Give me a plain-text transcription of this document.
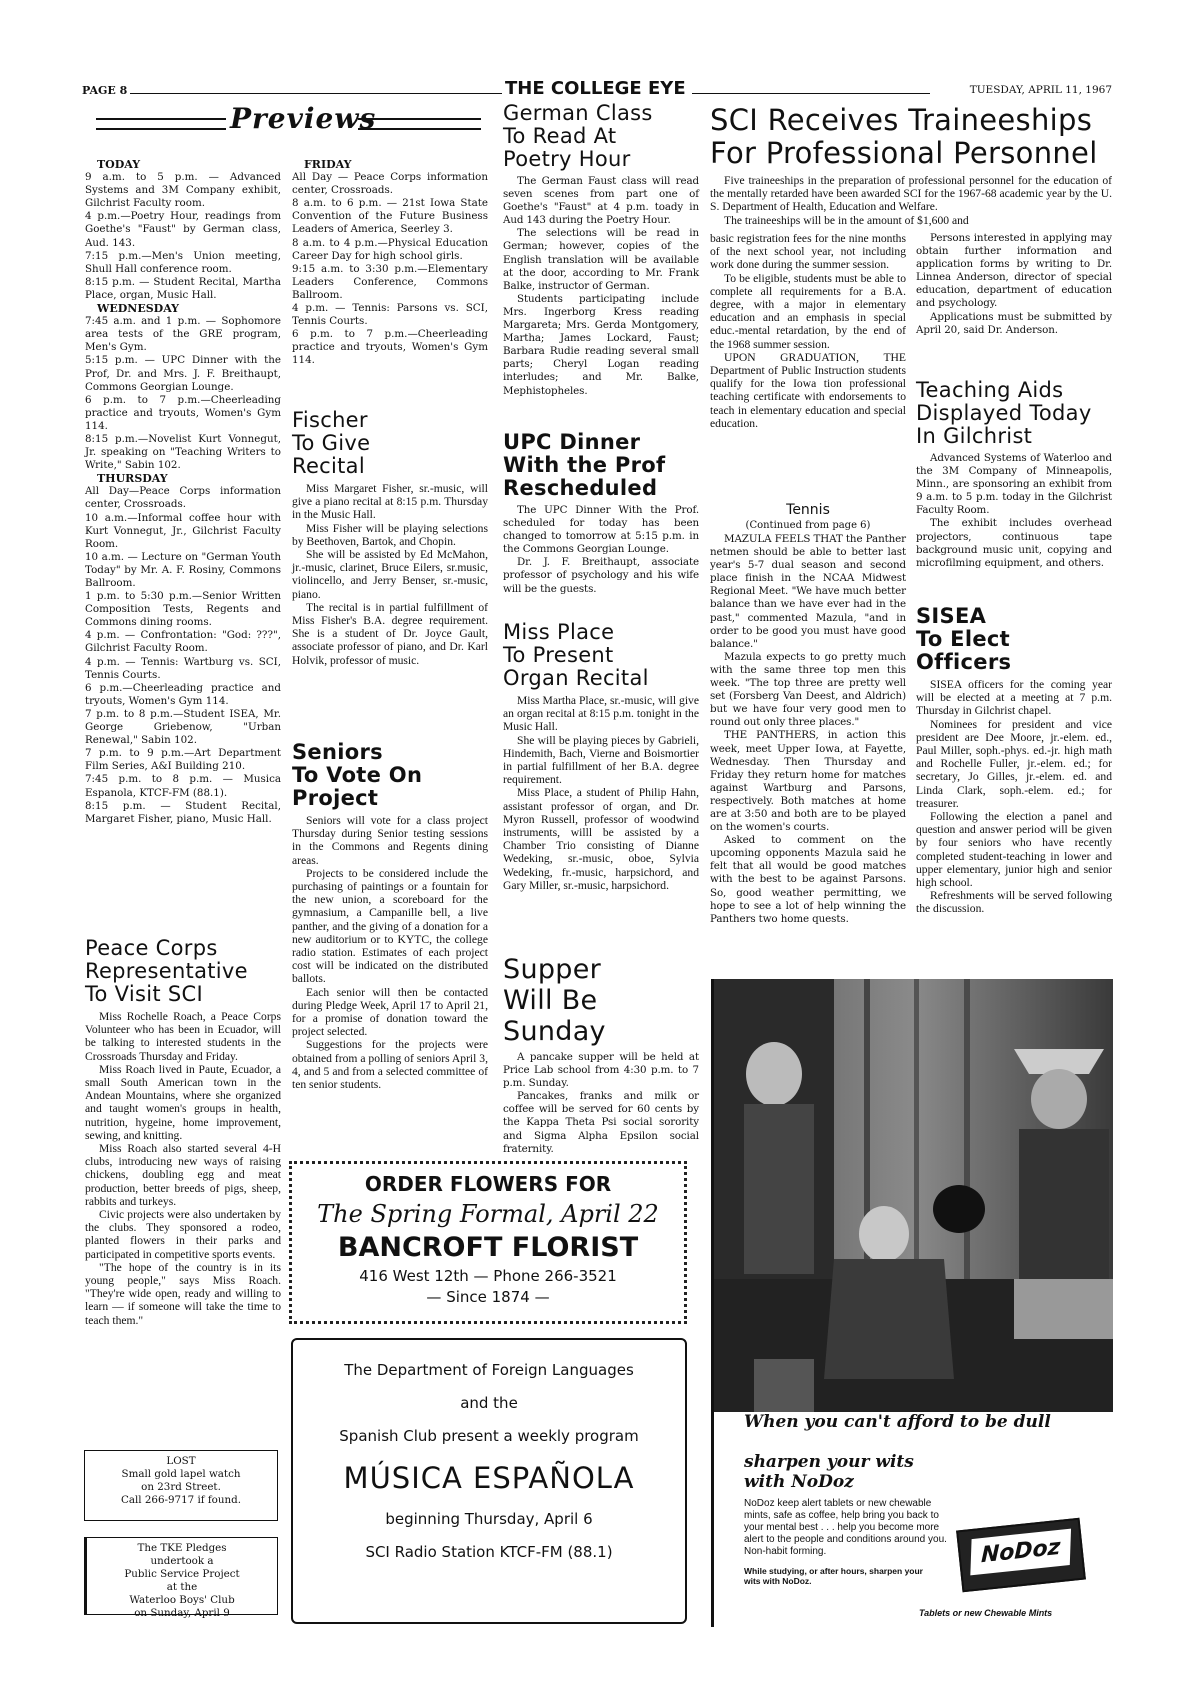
PAGE 8	THE COLLEGE EYE	TUESDAY, APRIL 11, 1967
Previews
TODAY

9 a.m. to 5 p.m. — Advanced Systems and 3M Company exhibit, Gilchrist Faculty room.

4 p.m.—Poetry Hour, readings from Goethe's "Faust" by German class, Aud. 143.

7:15 p.m.—Men's Union meeting, Shull Hall conference room.

8:15 p.m. — Student Recital, Martha Place, organ, Music Hall.

WEDNESDAY

7:45 a.m. and 1 p.m. — Sophomore area tests of the GRE program, Men's Gym.

5:15 p.m. — UPC Dinner with the Prof, Dr. and Mrs. J. F. Breithaupt, Commons Georgian Lounge.

6 p.m. to 7 p.m.—Cheerleading practice and tryouts, Women's Gym 114.

8:15 p.m.—Novelist Kurt Vonnegut, Jr. speaking on "Teaching Writers to Write," Sabin 102.

THURSDAY

All Day—Peace Corps information center, Crossroads.

10 a.m.—Informal coffee hour with Kurt Vonnegut, Jr., Gilchrist Faculty Room.

10 a.m. — Lecture on "German Youth Today" by Mr. A. F. Rosiny, Commons Ballroom.

1 p.m. to 5:30 p.m.—Senior Written Composition Tests, Regents and Commons dining rooms.

4 p.m. — Confrontation: "God: ???", Gilchrist Faculty Room.

4 p.m. — Tennis: Wartburg vs. SCI, Tennis Courts.

6 p.m.—Cheerleading practice and tryouts, Women's Gym 114.

7 p.m. to 8 p.m.—Student ISEA, Mr. George Griebenow, "Urban Renewal," Sabin 102.

7 p.m. to 9 p.m.—Art Department Film Series, A&I Building 210.

7:45 p.m. to 8 p.m. — Musica Espanola, KTCF-FM (88.1).

8:15 p.m. — Student Recital, Margaret Fisher, piano, Music Hall.

FRIDAY

All Day — Peace Corps information center, Crossroads.

8 a.m. to 6 p.m. — 21st Iowa State Convention of the Future Business Leaders of America, Seerley 3.

8 a.m. to 4 p.m.—Physical Education Career Day for high school girls.

9:15 a.m. to 3:30 p.m.—Elementary Leaders Conference, Commons Ballroom.

4 p.m. — Tennis: Parsons vs. SCI, Tennis Courts.

6 p.m. to 7 p.m.—Cheerleading practice and tryouts, Women's Gym 114.

Peace Corps
Representative
To Visit SCI

Miss Rochelle Roach, a Peace Corps Volunteer who has been in Ecuador, will be talking to interested students in the Crossroads Thursday and Friday.

Miss Roach lived in Paute, Ecuador, a small South American town in the Andean Mountains, where she organized and taught women's groups in health, nutrition, hygeine, home improvement, sewing, and knitting.

Miss Roach also started several 4-H clubs, introducing new ways of raising chickens, doubling egg and meat production, better breeds of pigs, sheep, rabbits and turkeys.

Civic projects were also undertaken by the clubs. They sponsored a rodeo, planted flowers in their parks and participated in competitive sports events.

"The hope of the country is in its young people," says Miss Roach. "They're wide open, ready and willing to learn — if someone will take the time to teach them."

LOST
Small gold lapel watch
on 23rd Street.
Call 266-9717 if found.
The TKE Pledges
undertook a
Public Service Project
at the
Waterloo Boys' Club
on Sunday, April 9
Fischer
To Give
Recital

Miss Margaret Fisher, sr.-music, will give a piano recital at 8:15 p.m. Thursday in the Music Hall.

Miss Fisher will be playing selections by Beethoven, Bartok, and Chopin.

She will be assisted by Ed McMahon, jr.-music, clarinet, Bruce Eilers, sr.music, violincello, and Jerry Benser, sr.-music, piano.

The recital is in partial fulfillment of Miss Fisher's B.A. degree requirement. She is a student of Dr. Joyce Gault, associate professor of piano, and Dr. Karl Holvik, professor of music.

Seniors
To Vote On
Project

Seniors will vote for a class project Thursday during Senior testing sessions in the Commons and Regents dining areas.

Projects to be considered include the purchasing of paintings or a fountain for the new union, a scoreboard for the gymnasium, a Campanille bell, a live panther, and the giving of a donation for a new auditorium or to KYTC, the college radio station. Estimates of each project cost will be indicated on the distributed ballots.

Each senior will then be contacted during Pledge Week, April 17 to April 21, for a promise of donation toward the project selected.

Suggestions for the projects were obtained from a polling of seniors April 3, 4, and 5 and from a selected committee of ten senior students.

German Class
To Read At
Poetry Hour

The German Faust class will read seven scenes from part one of Goethe's "Faust" at 4 p.m. toady in Aud 143 during the Poetry Hour.

The selections will be read in German; however, copies of the English translation will be available at the door, according to Mr. Frank Balke, instructor of German.

Students participating include Mrs. Ingerborg Kress reading Margareta; Mrs. Gerda Montgomery, Martha; James Lockard, Faust; Barbara Rudie reading several small parts; Cheryl Logan reading interludes; and Mr. Balke, Mephistopheles.

UPC Dinner
With the Prof
Rescheduled

The UPC Dinner With the Prof. scheduled for today has been changed to tomorrow at 5:15 p.m. in the Commons Georgian Lounge.

Dr. J. F. Breithaupt, associate professor of psychology and his wife will be the guests.

Miss Place
To Present
Organ Recital

Miss Martha Place, sr.-music, will give an organ recital at 8:15 p.m. tonight in the Music Hall.

She will be playing pieces by Gabrieli, Hindemith, Bach, Vierne and Boismortier in partial fulfillment of her B.A. degree requirement.

Miss Place, a student of Philip Hahn, assistant professor of organ, and Dr. Myron Russell, professor of woodwind instruments, willl be assisted by a Chamber Trio consisting of Dianne Wedeking, sr.-music, oboe, Sylvia Wedeking, fr.-music, harpsichord, and Gary Miller, sr.-music, harpsichord.

Supper
Will Be
Sunday

A pancake supper will be held at Price Lab school from 4:30 p.m. to 7 p.m. Sunday.

Pancakes, franks and milk or coffee will be served for 60 cents by the Kappa Theta Psi social sorority and Sigma Alpha Epsilon social fraternity.

SCI Receives Traineeships
For Professional Personnel

Five traineeships in the preparation of professional personnel for the education of the mentally retarded have been awarded SCI for the 1967-68 academic year by the U. S. Department of Health, Education and Welfare.

The traineeships will be in the amount of $1,600 and

basic registration fees for the nine months of the next school year, not including work done during the summer session.

To be eligible, students must be able to complete all requirements for a B.A. degree, with a major in elementary education and an emphasis in special educ.-mental retardation, by the end of the 1968 summer session.

UPON GRADUATION, THE Department of Public Instruction students qualify for the Iowa tion professional teaching certificate with endorsements to teach in elementary education and special education.

Persons interested in applying may obtain further information and application forms by writing to Dr. Linnea Anderson, director of special education, department of education and psychology.

Applications must be submitted by April 20, said Dr. Anderson.

Teaching Aids
Displayed Today
In Gilchrist

Advanced Systems of Waterloo and the 3M Company of Minneapolis, Minn., are sponsoring an exhibit from 9 a.m. to 5 p.m. today in the Gilchrist Faculty Room.

The exhibit includes overhead projectors, continuous tape background music unit, copying and microfilming equipment, and others.

Tennis
(Continued from page 6)

MAZULA FEELS THAT the Panther netmen should be able to better last year's 5-7 dual season and second place finish in the NCAA Midwest Regional Meet. "We have much better balance than we have ever had in the past," commented Mazula, "and in order to be good you must have good balance."

Mazula expects to go pretty much with the same three top men this week. "The top three are pretty well set (Forsberg Van Deest, and Aldrich) but we have four very good men to round out only three places."

THE PANTHERS, in action this week, meet Upper Iowa, at Fayette, Wednesday. Then Thursday and Friday they return home for matches against Wartburg and Parsons, respectively. Both matches at home are at 3:50 and both are to be played on the women's courts.

Asked to comment on the upcoming opponents Mazula said he felt that all would be good matches with the best to be against Parsons. So, good weather permitting, we hope to see a lot of help winning the Panthers two home quests.

SISEA
To Elect
Officers

SISEA officers for the coming year will be elected at a meeting at 7 p.m. Thursday in Gilchrist chapel.

Nominees for president and vice president are Dee Moore, jr.-elem. ed., Paul Miller, soph.-phys. ed.-jr. high math and Rochelle Fuller, jr.-elem. ed.; for secretary, Jo Gilles, jr.-elem. ed. and Linda Clark, soph.-elem. ed.; for treasurer.

Following the election a panel and question and answer period will be given by four seniors who have recently completed student-teaching in lower and upper elementary, junior high and senior high school.

Refreshments will be served following the discussion.

ORDER FLOWERS FOR
The Spring Formal, April 22
BANCROFT FLORIST
416 West 12th — Phone 266-3521
— Since 1874 —
The Department of Foreign Languages
and the
Spanish Club present a weekly program
MÚSICA ESPAÑOLA
beginning Thursday, April 6
SCI Radio Station KTCF-FM (88.1)
When you can't afford to be dull
sharpen your wits
with NoDoz
NoDoz keep alert tablets or new chewable mints, safe as coffee, help bring you back to your mental best . . . help you become more alert to the people and conditions around you. Non-habit forming.
While studying, or after hours, sharpen your wits with NoDoz.
NoDoz
Tablets or new Chewable Mints
